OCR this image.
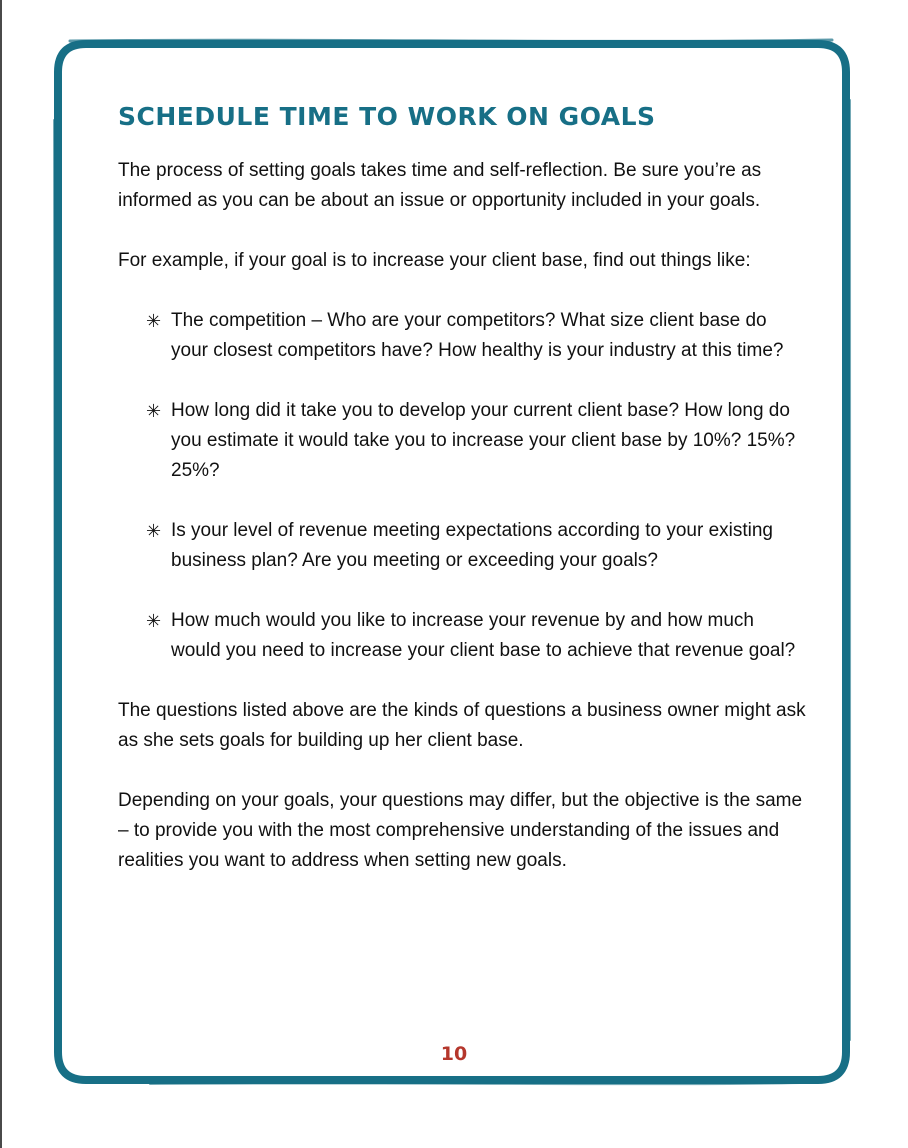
SCHEDULE TIME TO WORK ON GOALS

The process of setting goals takes time and self-reflection. Be sure you’re as informed as you can be about an issue or opportunity included in your goals.

For example, if your goal is to increase your client base, find out things like:

✳ The competition – Who are your competitors? What size client base do your closest competitors have? How healthy is your industry at this time?
✳ How long did it take you to develop your current client base? How long do you estimate it would take you to increase your client base by 10%? 15%? 25%?
✳ Is your level of revenue meeting expectations according to your existing business plan? Are you meeting or exceeding your goals?
✳ How much would you like to increase your revenue by and how much would you need to increase your client base to achieve that revenue goal?

The questions listed above are the kinds of questions a business owner might ask as she sets goals for building up her client base.

Depending on your goals, your questions may differ, but the objective is the same – to provide you with the most comprehensive understanding of the issues and realities you want to address when setting new goals.

10
